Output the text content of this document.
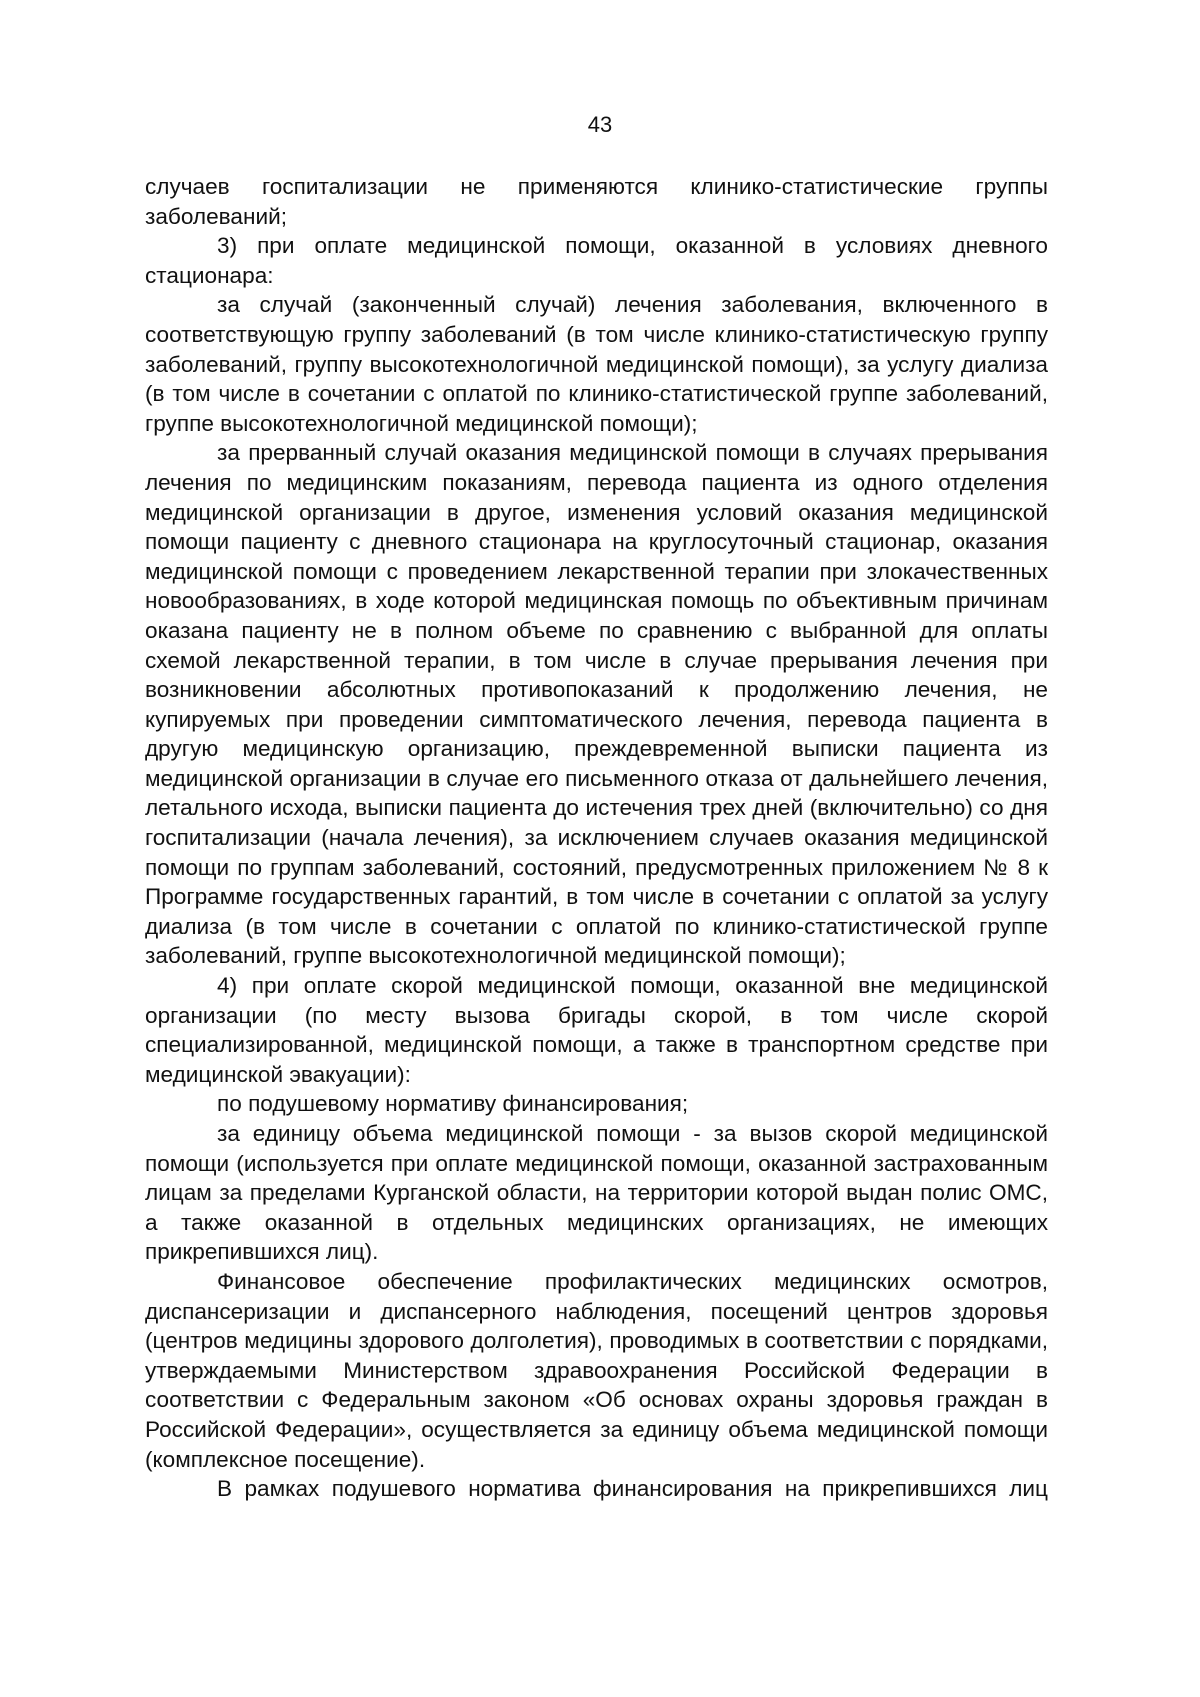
43

случаев госпитализации не применяются клинико-статистические группы заболеваний;

3) при оплате медицинской помощи, оказанной в условиях дневного стационара:

за случай (законченный случай) лечения заболевания, включенного в соответствующую группу заболеваний (в том числе клинико-статистическую группу заболеваний, группу высокотехнологичной медицинской помощи), за услугу диализа (в том числе в сочетании с оплатой по клинико-статистической группе заболеваний, группе высокотехнологичной медицинской помощи);

за прерванный случай оказания медицинской помощи в случаях прерывания лечения по медицинским показаниям, перевода пациента из одного отделения медицинской организации в другое, изменения условий оказания медицинской помощи пациенту с дневного стационара на круглосуточный стационар, оказания медицинской помощи с проведением лекарственной терапии при злокачественных новообразованиях, в ходе которой медицинская помощь по объективным причинам оказана пациенту не в полном объеме по сравнению с выбранной для оплаты схемой лекарственной терапии, в том числе в случае прерывания лечения при возникновении абсолютных противопоказаний к продолжению лечения, не купируемых при проведении симптоматического лечения, перевода пациента в другую медицинскую организацию, преждевременной выписки пациента из медицинской организации в случае его письменного отказа от дальнейшего лечения, летального исхода, выписки пациента до истечения трех дней (включительно) со дня госпитализации (начала лечения), за исключением случаев оказания медицинской помощи по группам заболеваний, состояний, предусмотренных приложением № 8 к Программе государственных гарантий, в том числе в сочетании с оплатой за услугу диализа (в том числе в сочетании с оплатой по клинико-статистической группе заболеваний, группе высокотехнологичной медицинской помощи);

4) при оплате скорой медицинской помощи, оказанной вне медицинской организации (по месту вызова бригады скорой, в том числе скорой специализированной, медицинской помощи, а также в транспортном средстве при медицинской эвакуации):

по подушевому нормативу финансирования;

за единицу объема медицинской помощи - за вызов скорой медицинской помощи (используется при оплате медицинской помощи, оказанной застрахованным лицам за пределами Курганской области, на территории которой выдан полис ОМС, а также оказанной в отдельных медицинских организациях, не имеющих прикрепившихся лиц).

Финансовое обеспечение профилактических медицинских осмотров, диспансеризации и диспансерного наблюдения, посещений центров здоровья (центров медицины здорового долголетия), проводимых в соответствии с порядками, утверждаемыми Министерством здравоохранения Российской Федерации в соответствии с Федеральным законом «Об основах охраны здоровья граждан в Российской Федерации», осуществляется за единицу объема медицинской помощи (комплексное посещение).

В рамках подушевого норматива финансирования на прикрепившихся лиц
